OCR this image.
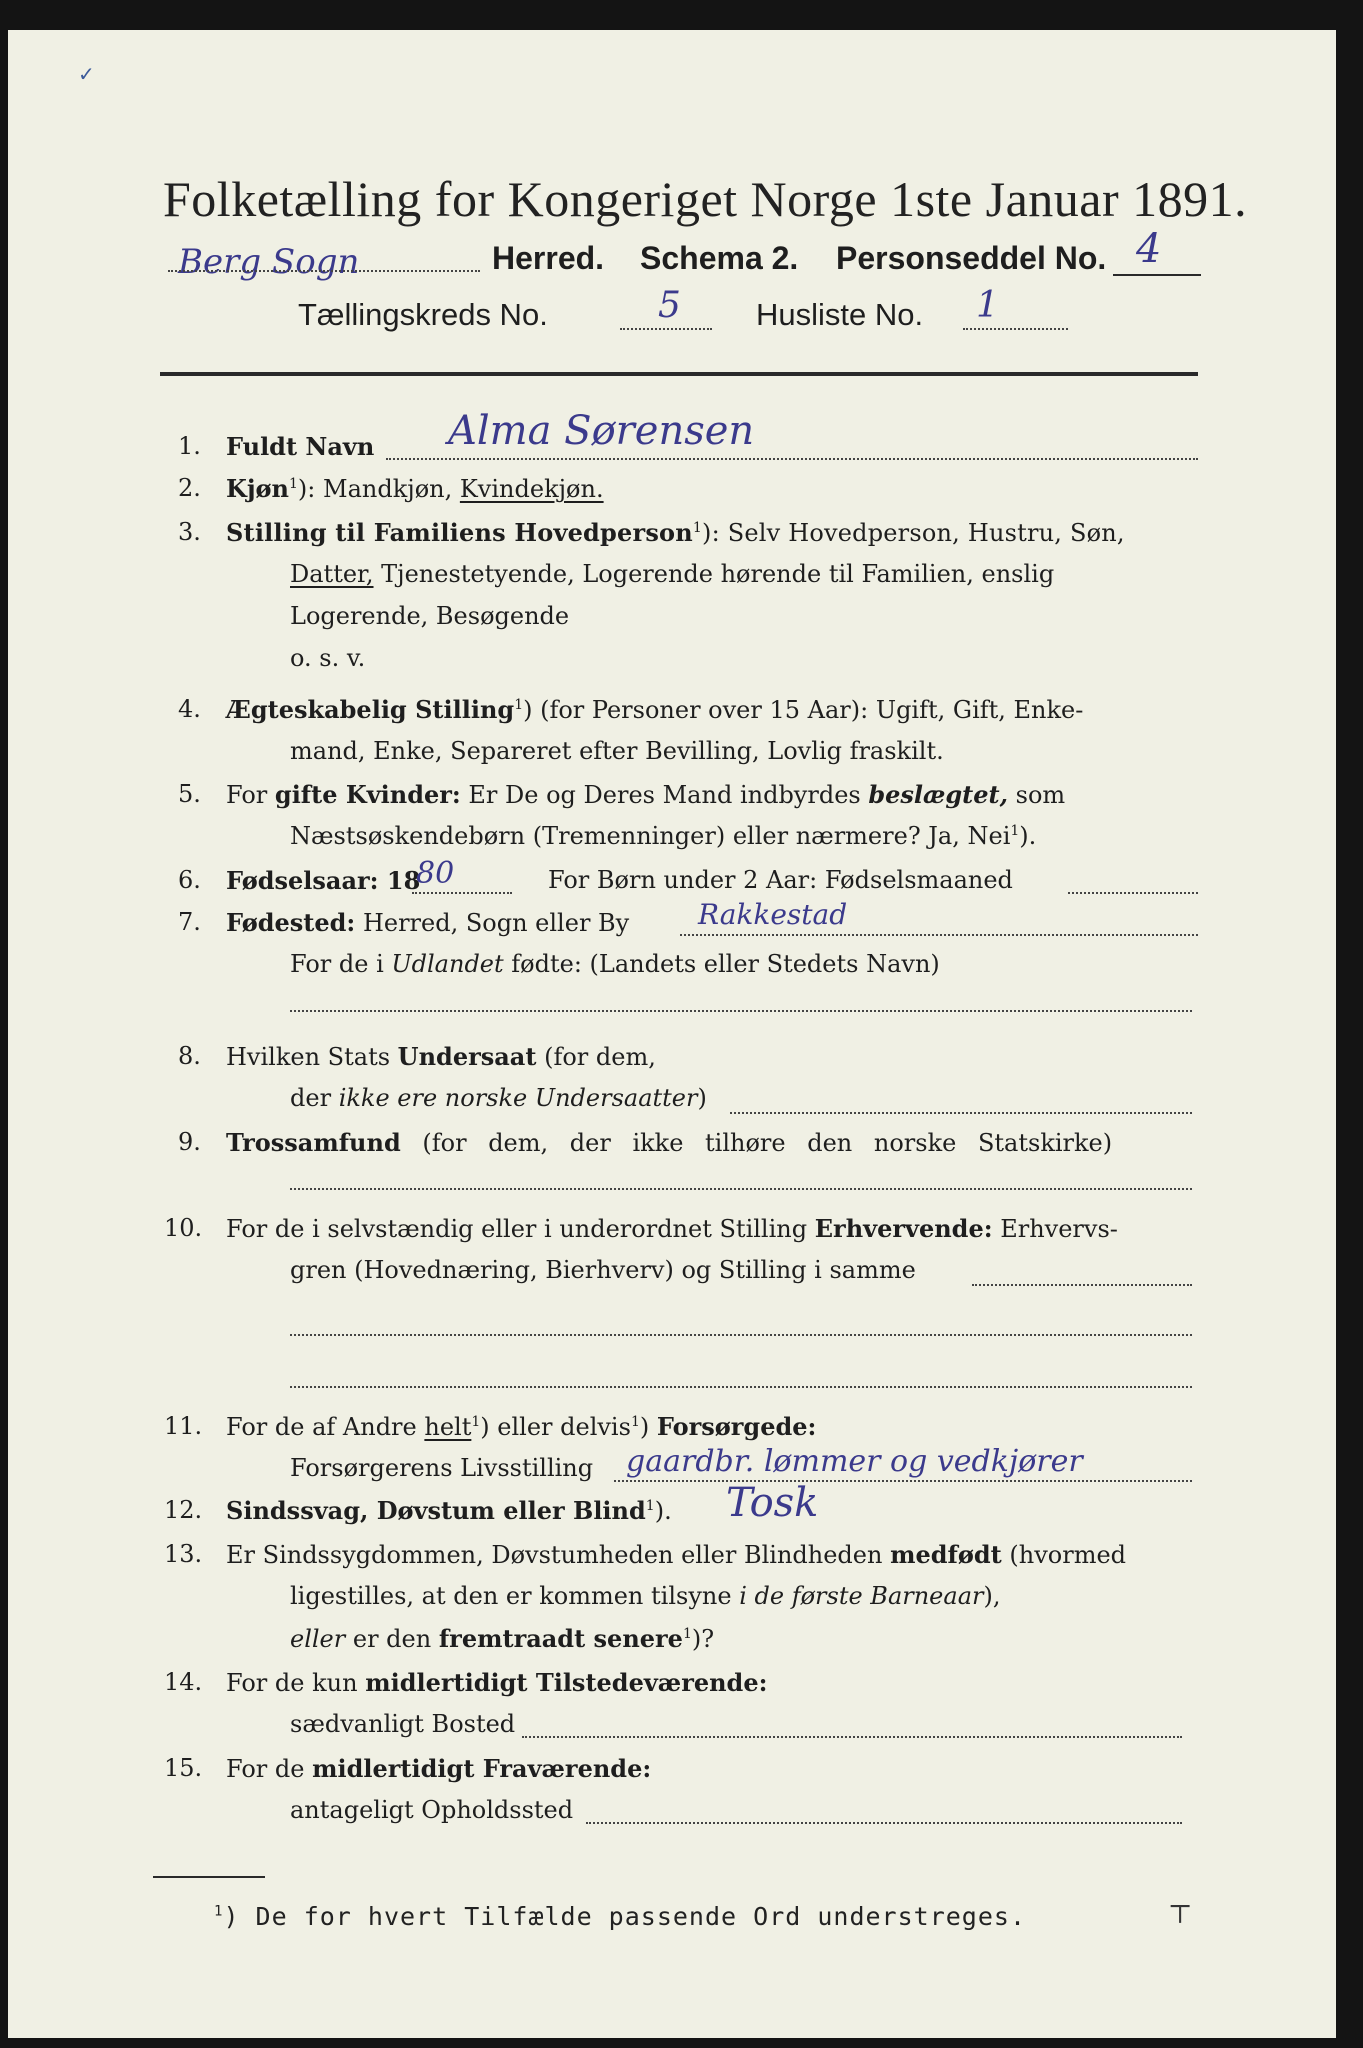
Folketælling for Kongeriget Norge 1ste Januar 1891.
Berg Sogn	Herred. Schema 2. Personseddel No. 4
Tællingskreds No.	5 Husliste No. 1
1. Fuldt Navn Alma Sørensen
2. Kjøn$^1$): Mandkjøn, Kvindekjøn.
3. Stilling til Familiens Hovedperson$^1$): Selv Hovedperson, Hustru, Søn,
Datter, Tjenestetyende, Logerende hørende til Familien, enslig
Logerende, Besøgende
o. s. v.
4. Ægteskabelig Stilling$^1$) (for Personer over 15 Aar): Ugift, Gift, Enke-
mand, Enke, Separeret efter Bevilling, Lovlig fraskilt.
5. For gifte Kvinder: Er De og Deres Mand indbyrdes beslægtet, som
Næstsøskendebørn (Tremenninger) eller nærmere? Ja, Nei$^1$).
6. Fødselsaar: 18
80	For Børn under 2 Aar: Fødselsmaaned
7. Fødested: Herred, Sogn eller By Rakkestad
For de i Udlandet fødte: (Landets eller Stedets Navn)
8. Hvilken Stats Undersaat (for dem,
der ikke ere norske Undersaatter)
9. Trossamfund (for dem, der ikke tilhøre den norske Statskirke)
10. For de i selvstændig eller i underordnet Stilling Erhvervende: Erhvervs-
gren (Hovednæring, Bierhverv) og Stilling i samme
11. For de af Andre helt$^1$) eller delvis$^1$) Forsørgede:
Forsørgerens Livsstilling gaardbr. lømmer og vedkjører
12. Sindssvag, Døvstum eller Blind$^1$). Tosk
13. Er Sindssygdommen, Døvstumheden eller Blindheden medfødt (hvormed
ligestilles, at den er kommen tilsyne i de første Barneaar),
eller er den fremtraadt senere$^1$)?
14. For de kun midlertidigt Tilstedeværende:
sædvanligt Bosted
15. For de midlertidigt Fraværende:
antageligt Opholdssted
$^1$) De for hvert Tilfælde passende Ord understreges.
✓
⊤
